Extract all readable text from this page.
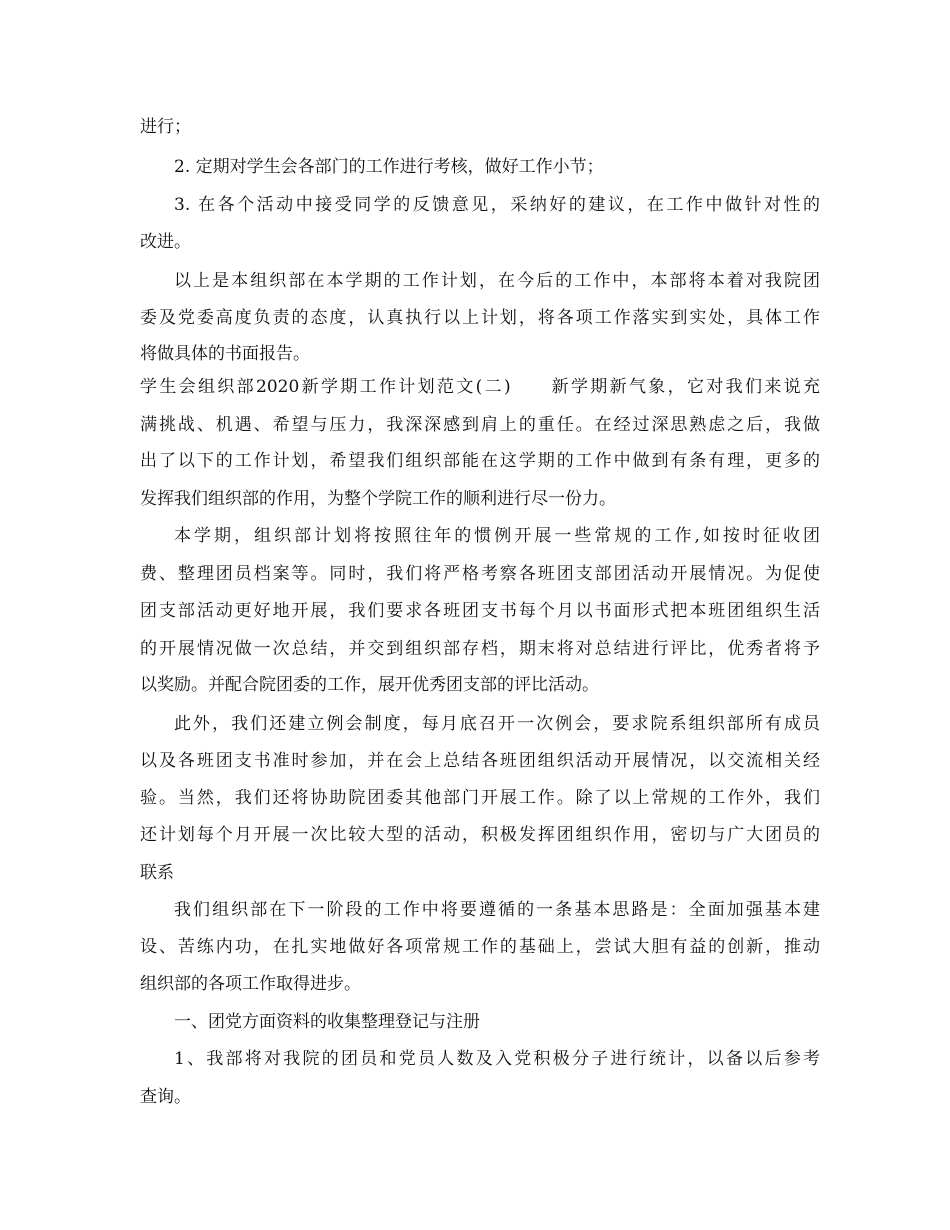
进行；

2. 定期对学生会各部门的工作进行考核，做好工作小节；

3. 在各个活动中接受同学的反馈意见，采纳好的建议，在工作中做针对性的

改进。

以上是本组织部在本学期的工作计划，在今后的工作中，本部将本着对我院团

委及党委高度负责的态度，认真执行以上计划，将各项工作落实到实处，具体工作

将做具体的书面报告。

学生会组织部2020新学期工作计划范文(二)　　新学期新气象，它对我们来说充

满挑战、机遇、希望与压力，我深深感到肩上的重任。在经过深思熟虑之后，我做

出了以下的工作计划，希望我们组织部能在这学期的工作中做到有条有理，更多的

发挥我们组织部的作用，为整个学院工作的顺利进行尽一份力。

本学期，组织部计划将按照往年的惯例开展一些常规的工作,如按时征收团

费、整理团员档案等。同时，我们将严格考察各班团支部团活动开展情况。为促使

团支部活动更好地开展，我们要求各班团支书每个月以书面形式把本班团组织生活

的开展情况做一次总结，并交到组织部存档，期末将对总结进行评比，优秀者将予

以奖励。并配合院团委的工作，展开优秀团支部的评比活动。

此外，我们还建立例会制度，每月底召开一次例会，要求院系组织部所有成员

以及各班团支书准时参加，并在会上总结各班团组织活动开展情况，以交流相关经

验。当然，我们还将协助院团委其他部门开展工作。除了以上常规的工作外，我们

还计划每个月开展一次比较大型的活动，积极发挥团组织作用，密切与广大团员的

联系

我们组织部在下一阶段的工作中将要遵循的一条基本思路是：全面加强基本建

设、苦练内功，在扎实地做好各项常规工作的基础上，尝试大胆有益的创新，推动

组织部的各项工作取得进步。

一、团党方面资料的收集整理登记与注册

1、我部将对我院的团员和党员人数及入党积极分子进行统计，以备以后参考

查询。
